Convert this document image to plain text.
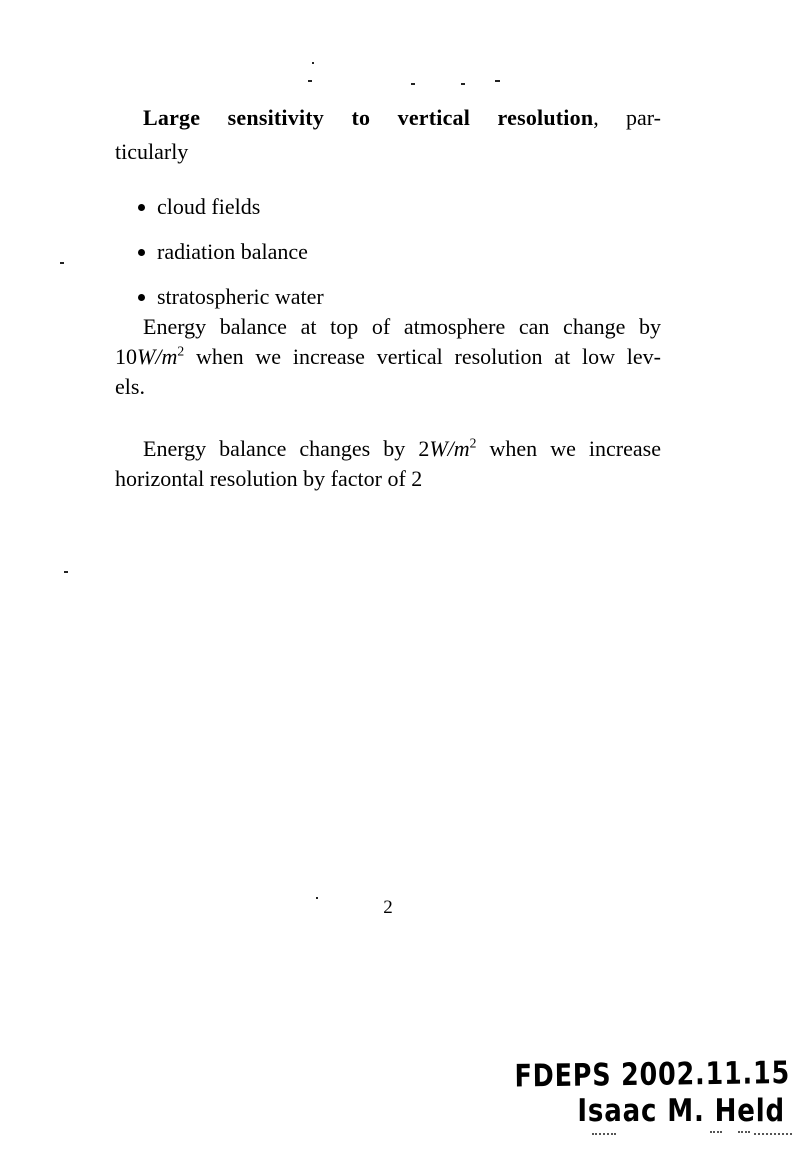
Large sensitivity to vertical resolution, par-
ticularly
cloud fields
radiation balance
stratospheric water
Energy balance at top of atmosphere can change by
$10W/m^2$ when we increase vertical resolution at low lev-
els.
Energy balance changes by $2W/m^2$ when we increase
horizontal resolution by factor of 2
2
FDEPS 2002.11.15
Isaac M. Held
